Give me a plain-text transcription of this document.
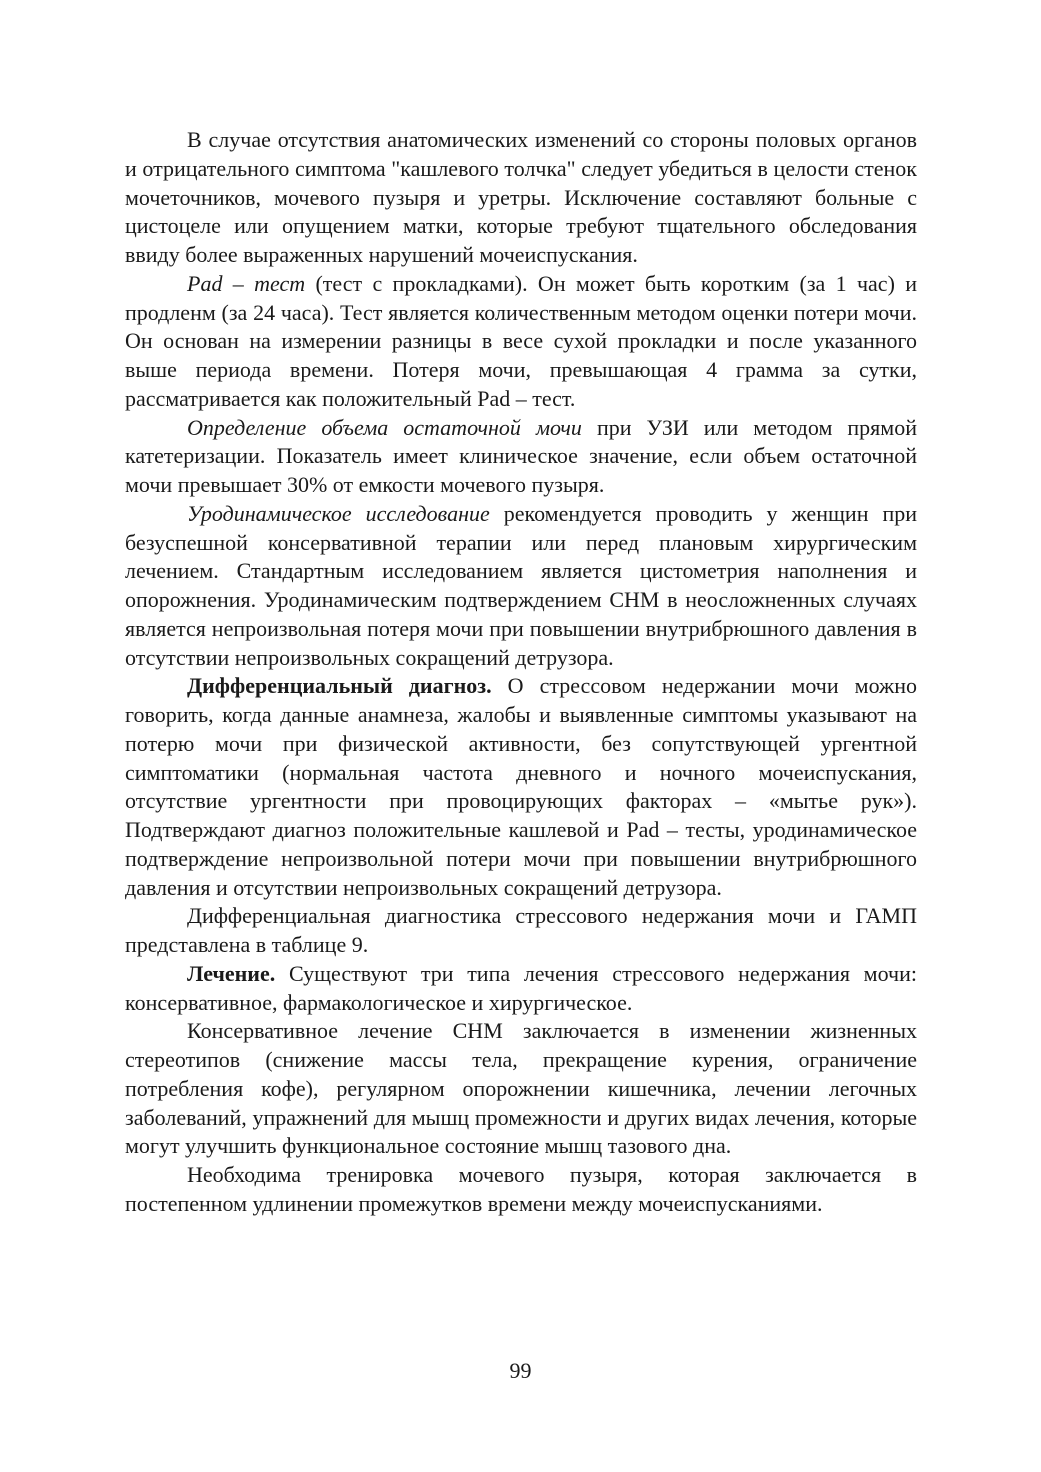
В случае отсутствия анатомических изменений со стороны половых органов и отрицательного симптома "кашлевого толчка" следует убедиться в целости стенок мочеточников, мочевого пузыря и уретры. Исключение составляют больные с цистоцеле или опущением матки, которые требуют тщательного обследования ввиду более выраженных нарушений мочеиспускания.

Pad – тест (тест с прокладками). Он может быть коротким (за 1 час) и продленм (за 24 часа). Тест является количественным методом оценки потери мочи. Он основан на измерении разницы в весе сухой прокладки и после указанного выше периода времени. Потеря мочи, превышающая 4 грамма за сутки, рассматривается как положительный Pad – тест.

Определение объема остаточной мочи при УЗИ или методом прямой катетеризации. Показатель имеет клиническое значение, если объем остаточной мочи превышает 30% от емкости мочевого пузыря.

Уродинамическое исследование рекомендуется проводить у женщин при безуспешной консервативной терапии или перед плановым хирургическим лечением. Стандартным исследованием является цистометрия наполнения и опорожнения. Уродинамическим подтверждением СНМ в неосложненных случаях является непроизвольная потеря мочи при повышении внутрибрюшного давления в отсутствии непроизвольных сокращений детрузора.

Дифференциальный диагноз. О стрессовом недержании мочи можно говорить, когда данные анамнеза, жалобы и выявленные симптомы указывают на потерю мочи при физической активности, без сопутствующей ургентной симптоматики (нормальная частота дневного и ночного мочеиспускания, отсутствие ургентности при провоцирующих факторах – «мытье рук»). Подтверждают диагноз положительные кашлевой и Pad – тесты, уродинамическое подтверждение непроизвольной потери мочи при повышении внутрибрюшного давления и отсутствии непроизвольных сокращений детрузора.

Дифференциальная диагностика стрессового недержания мочи и ГАМП представлена в таблице 9.

Лечение. Существуют три типа лечения стрессового недержания мочи: консервативное, фармакологическое и хирургическое.

Консервативное лечение СНМ заключается в изменении жизненных стереотипов (снижение массы тела, прекращение курения, ограничение потребления кофе), регулярном опорожнении кишечника, лечении легочных заболеваний, упражнений для мышц промежности и других видах лечения, которые могут улучшить функциональное состояние мышц тазового дна.

Необходима тренировка мочевого пузыря, которая заключается в постепенном удлинении промежутков времени между мочеиспусканиями.

99
